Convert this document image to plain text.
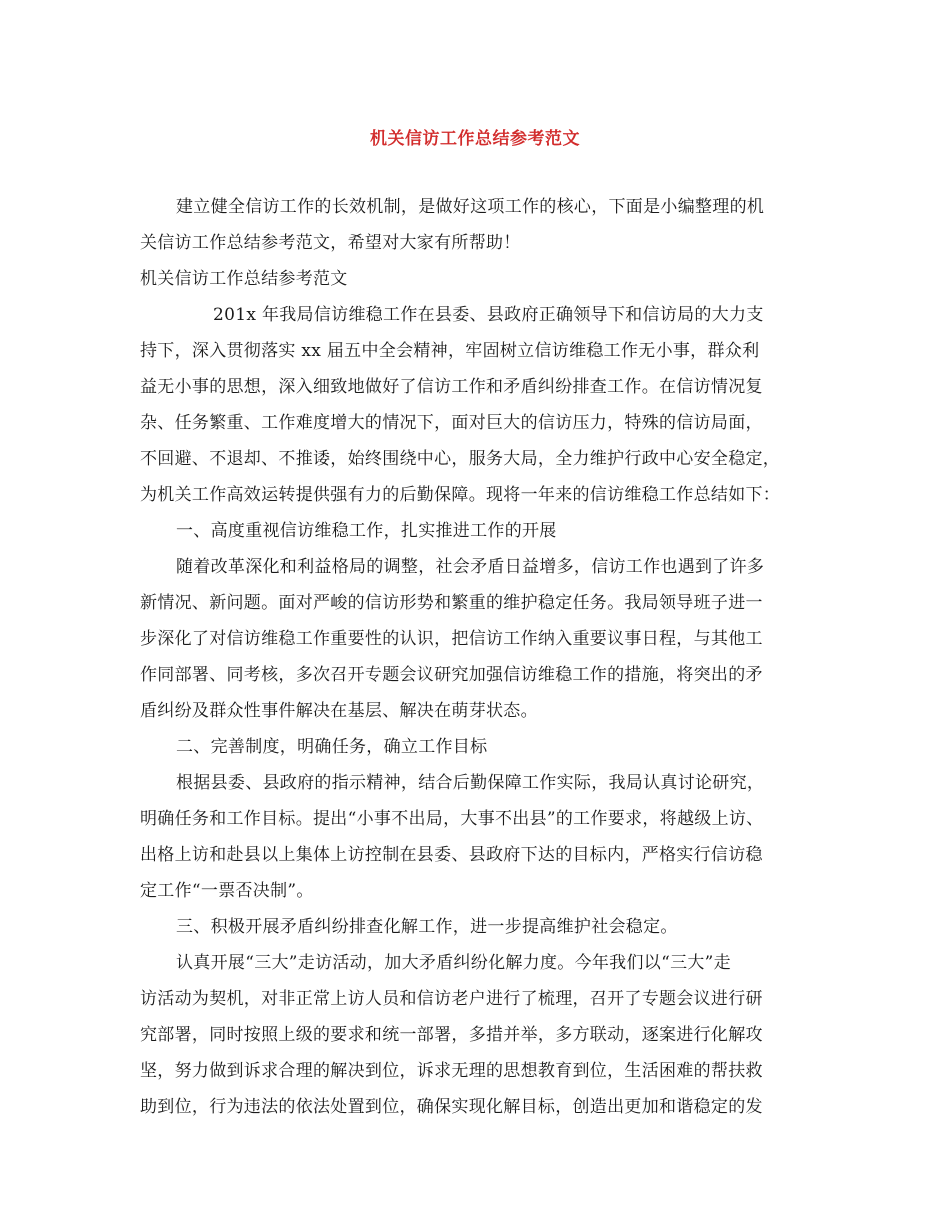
机关信访工作总结参考范文
建立健全信访工作的长效机制，是做好这项工作的核心，下面是小编整理的机
关信访工作总结参考范文，希望对大家有所帮助！
机关信访工作总结参考范文
201x 年我局信访维稳工作在县委、县政府正确领导下和信访局的大力支
持下，深入贯彻落实 xx 届五中全会精神，牢固树立信访维稳工作无小事，群众利
益无小事的思想，深入细致地做好了信访工作和矛盾纠纷排查工作。在信访情况复
杂、任务繁重、工作难度增大的情况下，面对巨大的信访压力，特殊的信访局面，
不回避、不退却、不推诿，始终围绕中心，服务大局，全力维护行政中心安全稳定，
为机关工作高效运转提供强有力的后勤保障。现将一年来的信访维稳工作总结如下：
一、高度重视信访维稳工作，扎实推进工作的开展
随着改革深化和利益格局的调整，社会矛盾日益增多，信访工作也遇到了许多
新情况、新问题。面对严峻的信访形势和繁重的维护稳定任务。我局领导班子进一
步深化了对信访维稳工作重要性的认识，把信访工作纳入重要议事日程，与其他工
作同部署、同考核，多次召开专题会议研究加强信访维稳工作的措施，将突出的矛
盾纠纷及群众性事件解决在基层、解决在萌芽状态。
二、完善制度，明确任务，确立工作目标
根据县委、县政府的指示精神，结合后勤保障工作实际，我局认真讨论研究，
明确任务和工作目标。提出“小事不出局，大事不出县”的工作要求，将越级上访、
出格上访和赴县以上集体上访控制在县委、县政府下达的目标内，严格实行信访稳
定工作“一票否决制”。
三、积极开展矛盾纠纷排查化解工作，进一步提高维护社会稳定。
认真开展“三大”走访活动，加大矛盾纠纷化解力度。今年我们以“三大”走
访活动为契机，对非正常上访人员和信访老户进行了梳理，召开了专题会议进行研
究部署，同时按照上级的要求和统一部署，多措并举，多方联动，逐案进行化解攻
坚，努力做到诉求合理的解决到位，诉求无理的思想教育到位，生活困难的帮扶救
助到位，行为违法的依法处置到位，确保实现化解目标，创造出更加和谐稳定的发
